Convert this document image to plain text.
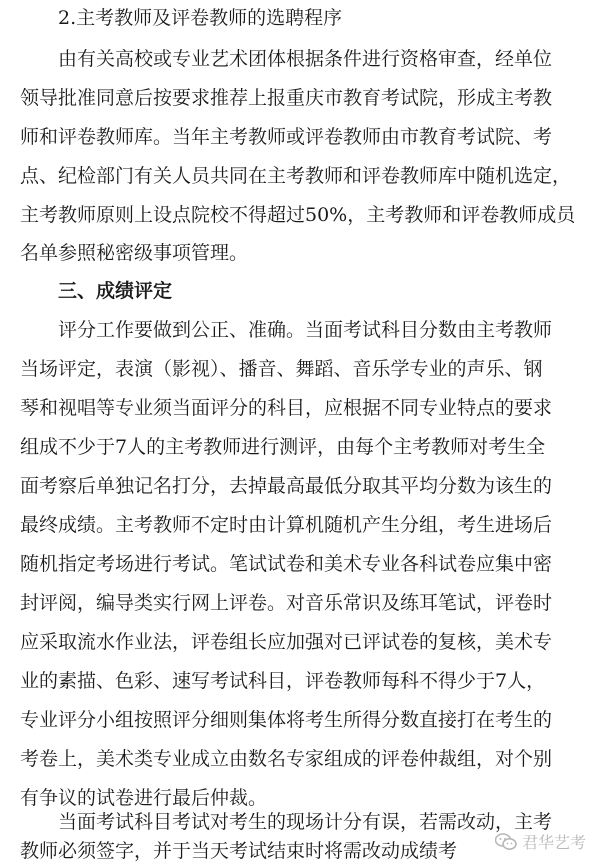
2.主考教师及评卷教师的选聘程序
由有关高校或专业艺术团体根据条件进行资格审查，经单位
领导批准同意后按要求推荐上报重庆市教育考试院，形成主考教
师和评卷教师库。当年主考教师或评卷教师由市教育考试院、考
点、纪检部门有关人员共同在主考教师和评卷教师库中随机选定，
主考教师原则上设点院校不得超过50%，主考教师和评卷教师成员
名单参照秘密级事项管理。
三、成绩评定
评分工作要做到公正、准确。当面考试科目分数由主考教师
当场评定，表演（影视）、播音、舞蹈、音乐学专业的声乐、钢
琴和视唱等专业须当面评分的科目，应根据不同专业特点的要求
组成不少于7人的主考教师进行测评，由每个主考教师对考生全
面考察后单独记名打分，去掉最高最低分取其平均分数为该生的
最终成绩。主考教师不定时由计算机随机产生分组，考生进场后
随机指定考场进行考试。笔试试卷和美术专业各科试卷应集中密
封评阅，编导类实行网上评卷。对音乐常识及练耳笔试，评卷时
应采取流水作业法，评卷组长应加强对已评试卷的复核，美术专
业的素描、色彩、速写考试科目，评卷教师每科不得少于7人，
专业评分小组按照评分细则集体将考生所得分数直接打在考生的
考卷上，美术类专业成立由数名专家组成的评卷仲裁组，对个别
有争议的试卷进行最后仲裁。
当面考试科目考试对考生的现场计分有误，若需改动，主考
教师必须签字，并于当天考试结束时将需改动成绩考	君华艺考
